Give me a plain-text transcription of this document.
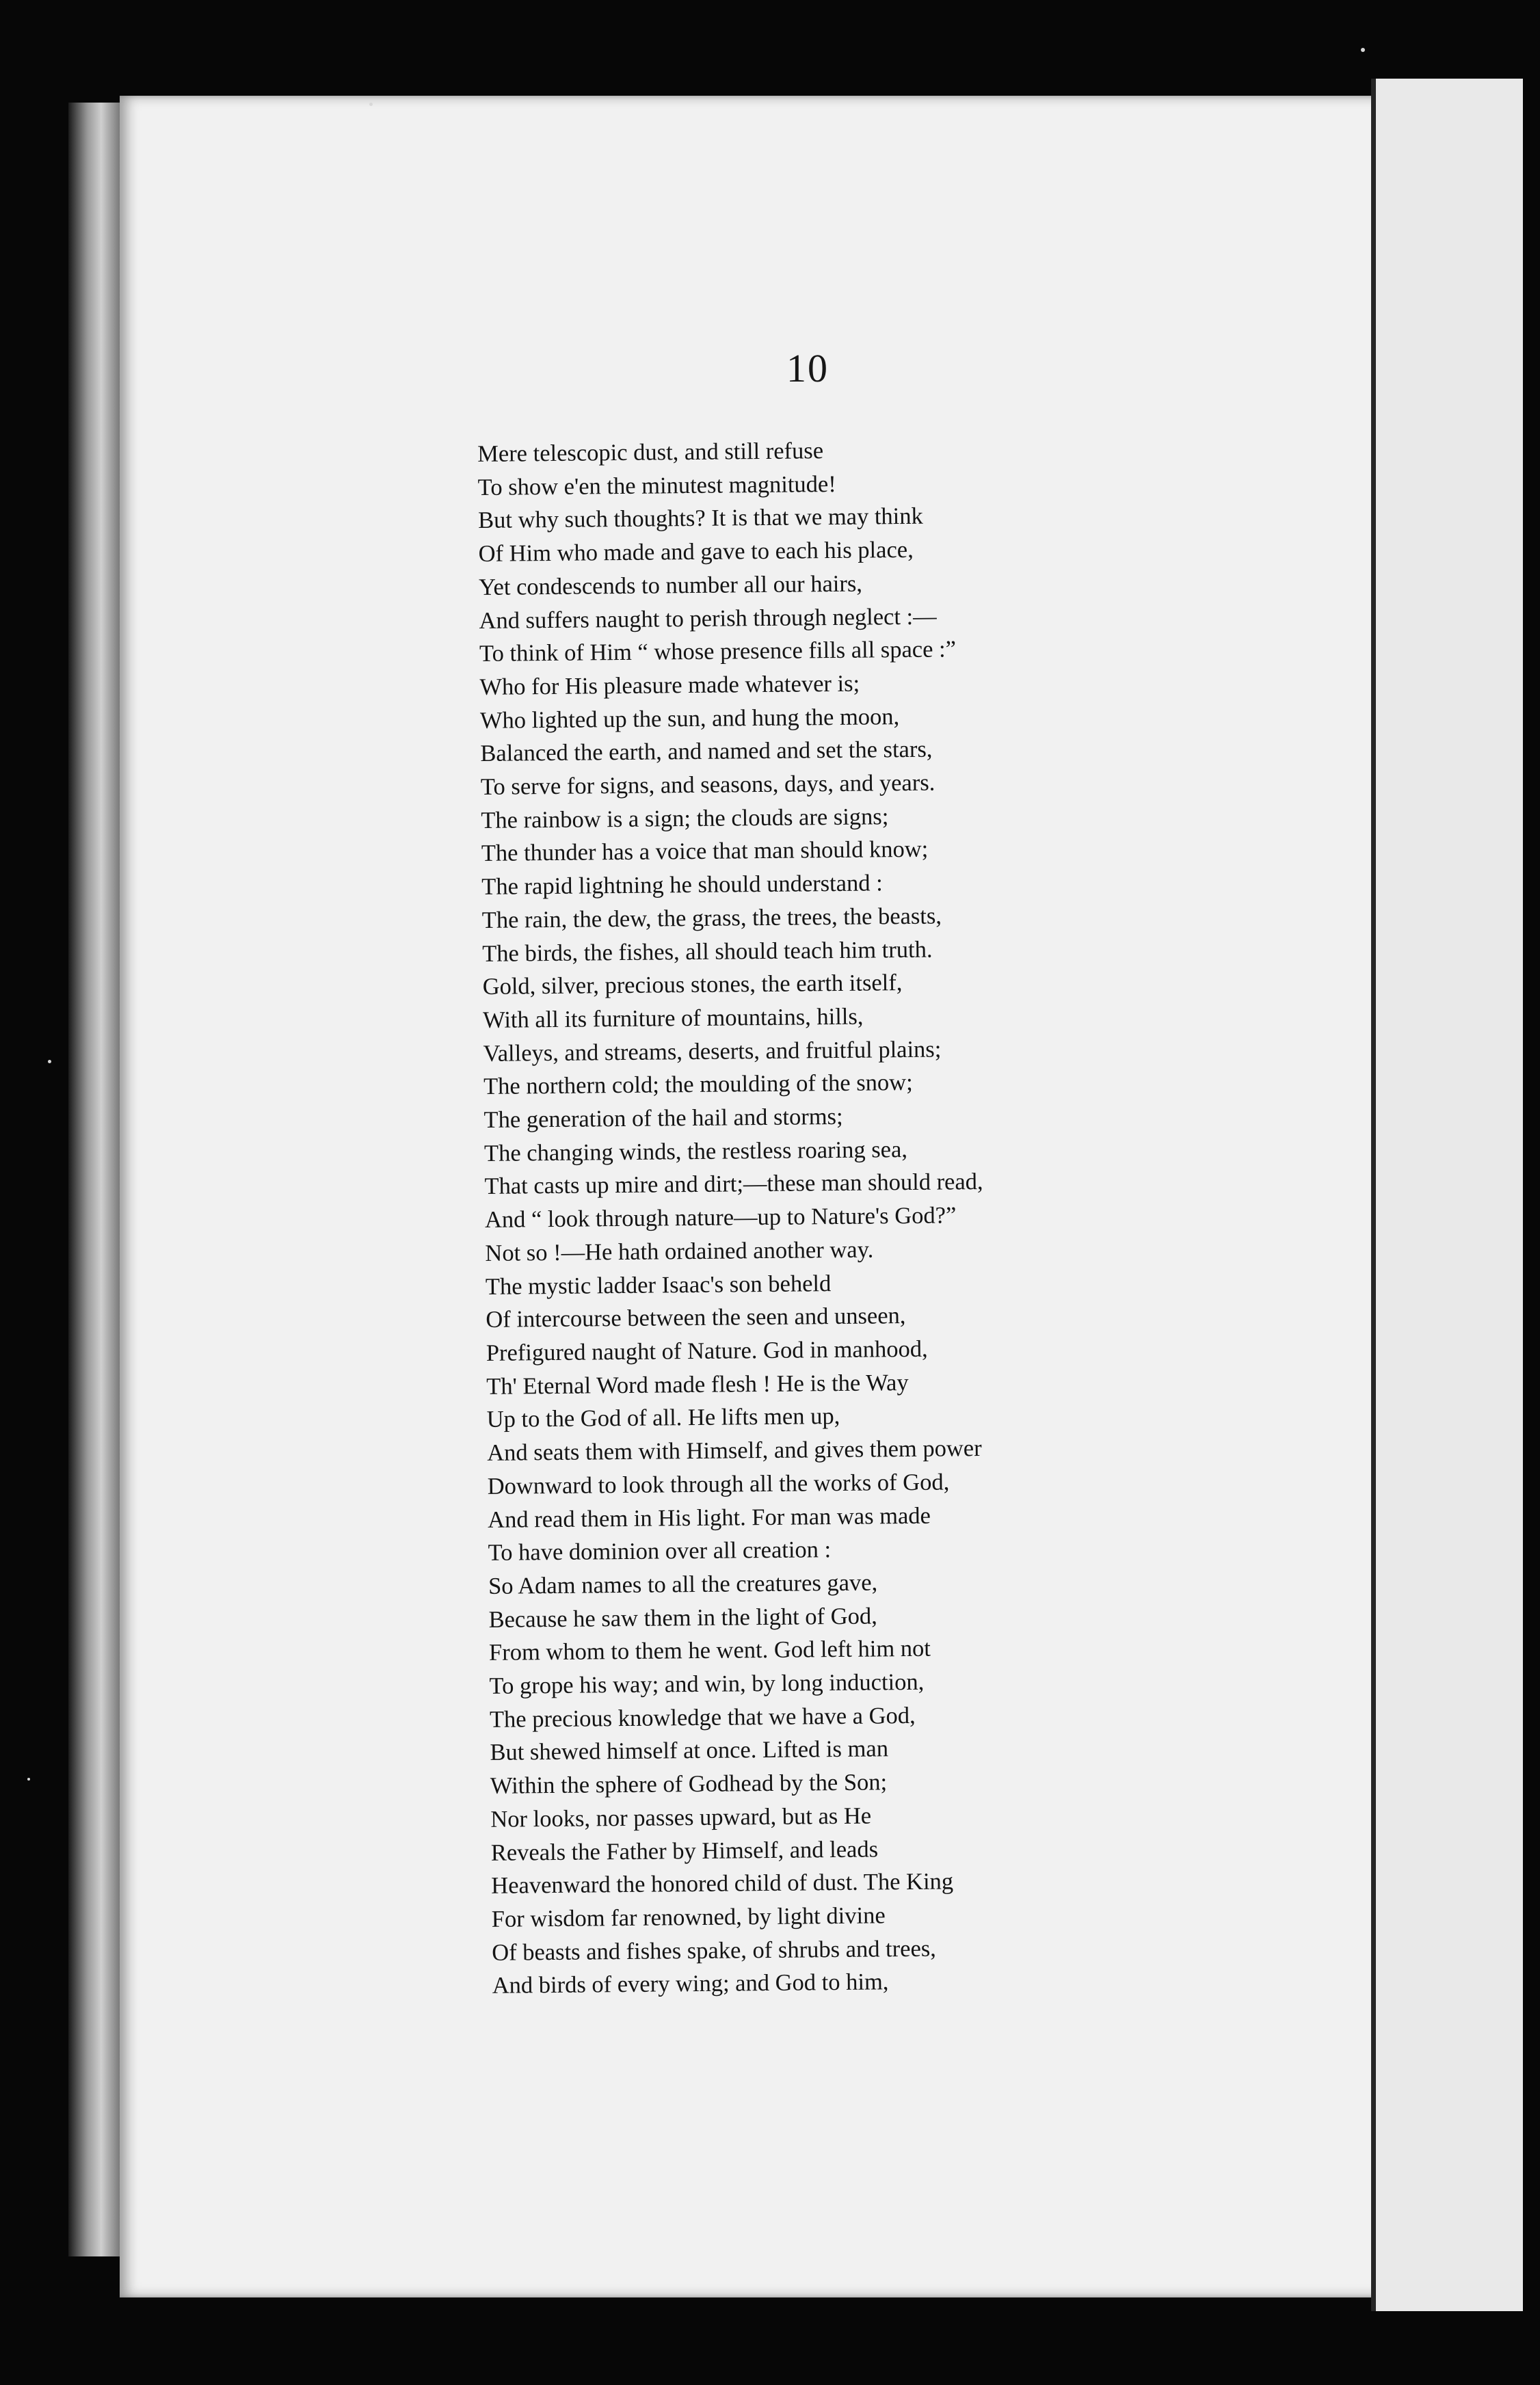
10
Mere telescopic dust, and still refuse
To show e'en the minutest magnitude!
But why such thoughts? It is that we may think
Of Him who made and gave to each his place,
Yet condescends to number all our hairs,
And suffers naught to perish through neglect :—
To think of Him “ whose presence fills all space :”
Who for His pleasure made whatever is;
Who lighted up the sun, and hung the moon,
Balanced the earth, and named and set the stars,
To serve for signs, and seasons, days, and years.
The rainbow is a sign; the clouds are signs;
The thunder has a voice that man should know;
The rapid lightning he should understand :
The rain, the dew, the grass, the trees, the beasts,
The birds, the fishes, all should teach him truth.
Gold, silver, precious stones, the earth itself,
With all its furniture of mountains, hills,
Valleys, and streams, deserts, and fruitful plains;
The northern cold; the moulding of the snow;
The generation of the hail and storms;
The changing winds, the restless roaring sea,
That casts up mire and dirt;—these man should read,
And “ look through nature—up to Nature's God?”
Not so !—He hath ordained another way.
The mystic ladder Isaac's son beheld
Of intercourse between the seen and unseen,
Prefigured naught of Nature. God in manhood,
Th' Eternal Word made flesh ! He is the Way
Up to the God of all. He lifts men up,
And seats them with Himself, and gives them power
Downward to look through all the works of God,
And read them in His light. For man was made
To have dominion over all creation :
So Adam names to all the creatures gave,
Because he saw them in the light of God,
From whom to them he went. God left him not
To grope his way; and win, by long induction,
The precious knowledge that we have a God,
But shewed himself at once. Lifted is man
Within the sphere of Godhead by the Son;
Nor looks, nor passes upward, but as He
Reveals the Father by Himself, and leads
Heavenward the honored child of dust. The King
For wisdom far renowned, by light divine
Of beasts and fishes spake, of shrubs and trees,
And birds of every wing; and God to him,
